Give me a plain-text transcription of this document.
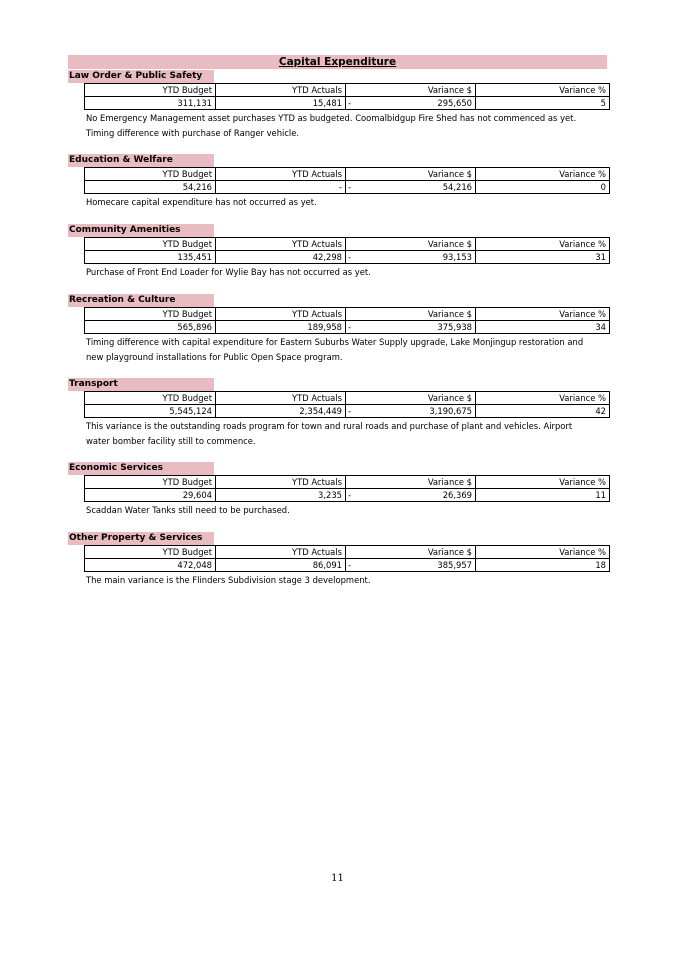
Capital Expenditure
Law Order & Public Safety
YTD Budget	YTD Actuals	Variance $	Variance %
311,131	15,481	- 295,650	5
No Emergency Management asset purchases YTD as budgeted. Coomalbidgup Fire Shed has not commenced as yet.
Timing difference with purchase of Ranger vehicle.
Education & Welfare
YTD Budget	YTD Actuals	Variance $	Variance %
54,216	-	- 54,216	0
Homecare capital expenditure has not occurred as yet.
Community Amenities
YTD Budget	YTD Actuals	Variance $	Variance %
135,451	42,298	- 93,153	31
Purchase of Front End Loader for Wylie Bay has not occurred as yet.
Recreation & Culture
YTD Budget	YTD Actuals	Variance $	Variance %
565,896	189,958	- 375,938	34
Timing difference with capital expenditure for Eastern Suburbs Water Supply upgrade, Lake Monjingup restoration and
new playground installations for Public Open Space program.
Transport
YTD Budget	YTD Actuals	Variance $	Variance %
5,545,124	2,354,449	- 3,190,675	42
This variance is the outstanding roads program for town and rural roads and purchase of plant and vehicles. Airport
water bomber facility still to commence.
Economic Services
YTD Budget	YTD Actuals	Variance $	Variance %
29,604	3,235	- 26,369	11
Scaddan Water Tanks still need to be purchased.
Other Property & Services
YTD Budget	YTD Actuals	Variance $	Variance %
472,048	86,091	- 385,957	18
The main variance is the Flinders Subdivision stage 3 development.
11
